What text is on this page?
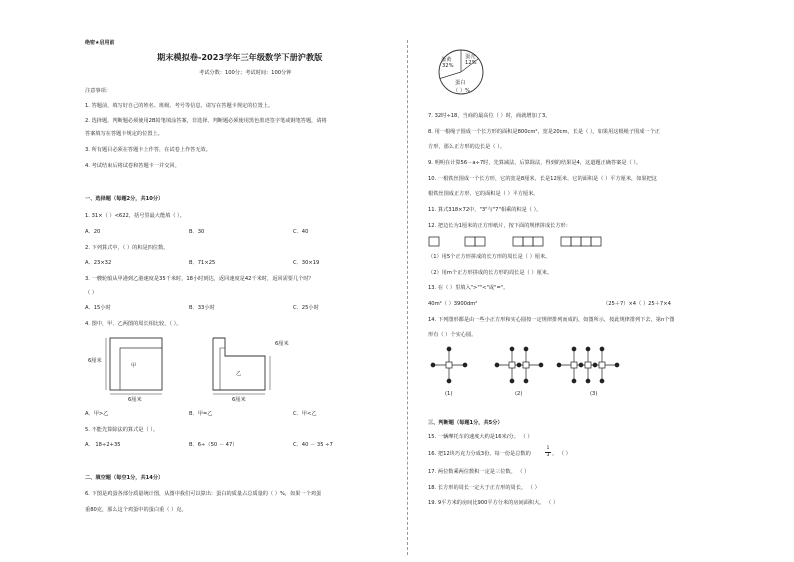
绝密★启用前
期末模拟卷-2023学年三年级数学下册沪教版
考试分数：100分；考试时间：100分钟
注意事项：
1. 答题前，填写好自己的姓名、班级、考号等信息，请写在答题卡规定的位置上。
2. 选择题、判断题必须使用2B铅笔填涂答案，非选择、判断题必须使用黑色墨迹签字笔或钢笔答题，请将
答案填写在答题卡规定的位置上。
3. 所有题目必须在答题卡上作答，在试卷上作答无效。
4. 考试结束后将试卷和答题卡一并交回。
一、选择题（每题2分，共10分）
1. 31×（ ）<622，括号里最大能填（ ）。
A．20	B．30	C．40
2. 下列算式中，（ ）的积是四位数。
A．23×32	B．71×25	C．30×19
3. 一艘轮船从甲港到乙港速度是35千米时，18小时到达，返回速度是42千米时，返回需要几个时？
（ ）
A．15小时	B．33小时	C．25小时
4. 图中，甲、乙两图的周长相比较，（ ）。
6厘米
甲
6厘米
6厘米
乙
6厘米
A．甲>乙	B．甲=乙	C．甲<乙
5. 不能先算除法的算式是（ ）。
A． 18÷2+35	B．6÷（50 － 47）	C．40 － 35 ÷7
二、填空题（每空1分，共14分）
6. 下图是鸡蛋各部分质量统计图，从图中我们可以算出：蛋白的质量占总质量的（ ）%，如果一个鸡蛋
重80克，那么这个鸡蛋中的蛋白重（ ）克。
蛋黄
32%
蛋壳
12%
蛋白
（ ）%
7. 32时÷18，当商的最高位（ ）时，商就增加了3。
8. 用一根绳子围成一个长方形的面积是800cm²，宽是20cm，长是（ ）。如果用这根绳子围成一个正
方形，那么正方形的边长是（ ）。
9. 明明在计算56－a÷7时，先算减法，后算除法，得到的结果是4，这道题正确答案是（ ）。
10. 一根铁丝围成一个长方形，它的宽是8厘米，长是12厘米，它的面积是（ ）平方厘米，如果把这
根铁丝围成正方形，它的面积是（ ）平方厘米。
11. 算式318×72中，"3"与"7"相乘的积是（ ）。
12. 把边长为1厘米的正方形纸片，按下面的规律拼成长方形：
（1）用5个正方形拼成的长方形的周长是（ ）厘米。
（2）用m个正方形拼成的长方形的周长是（ ）厘米。
13. 在（ ）里填入">""<"或"="。
40m²（ ）3900dm²	（25＋7）×4（ ）25＋7×4
14. 下列图形都是由一些小正方形和实心圆按一定规律排列而成的，如图所示，按此规律排列下去，第n个图
形有（ ）个实心圆。
(1)	(2)	(3)
三、判断题（每题1分，共5分）
15. 一辆摩托车的速度大约是16米/分。 （ ）
16. 把12块巧克力分成3份，每一份是总数的
1
3 。 （ ）
17. 两位数乘两位数积一定是三位数。 （ ）
18. 长方形的周长一定大于正方形的周长。 （ ）
19. 9平方米的房间比900平方分米的房间面积大。 （ ）
